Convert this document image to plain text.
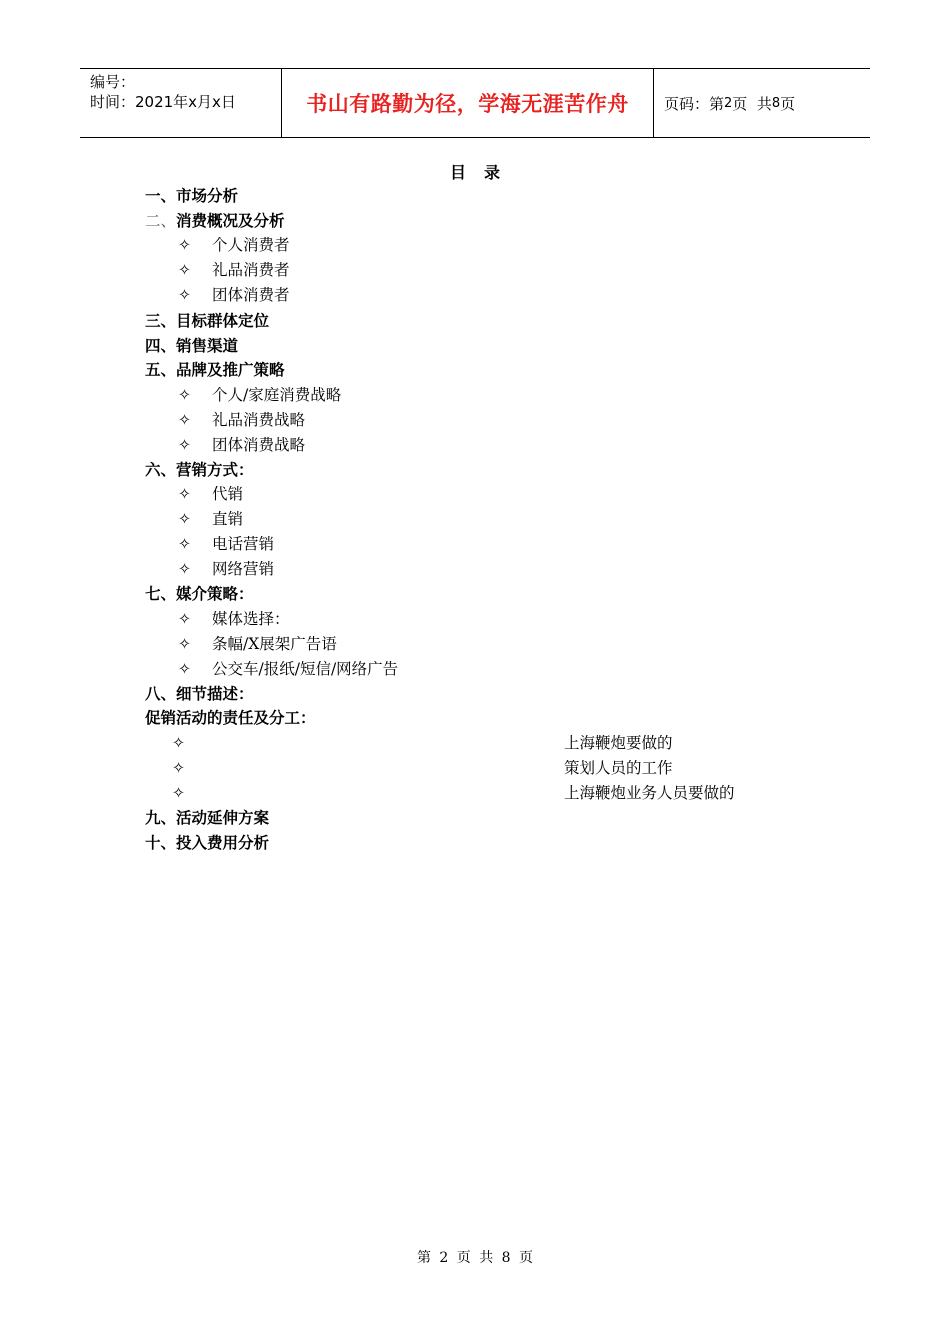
编号：
时间：2021年x月x日	书山有路勤为径，学海无涯苦作舟 页码：第 2 页  共 8 页
目录
一、市场分析
二、消费概况及分析
✧ 个人消费者
✧ 礼品消费者
✧ 团体消费者
三、目标群体定位
四、销售渠道
五、品牌及推广策略
✧ 个人/家庭消费战略
✧ 礼品消费战略
✧ 团体消费战略
六、营销方式：
✧ 代销
✧ 直销
✧ 电话营销
✧ 网络营销
七、媒介策略：
✧ 媒体选择：
✧ 条幅/X展架广告语
✧ 公交车/报纸/短信/网络广告
八、细节描述：
促销活动的责任及分工：
✧	上海鞭炮要做的
✧	策划人员的工作
✧	上海鞭炮业务人员要做的
九、活动延伸方案
十、投入费用分析
第 2 页 共 8 页
